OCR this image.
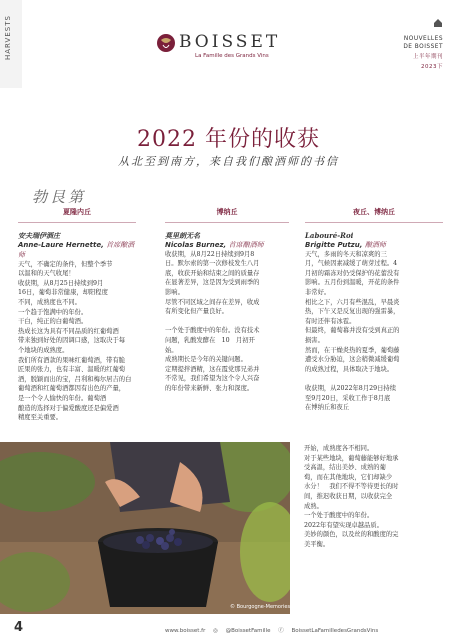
HARVESTS	BOISSET
La Famille des Grands Vins
NOUVELLES
DE BOISSET
上半年期刊
2023下
2022 年份的收获
从北至到南方，来自我们酿酒师的书信
勃艮第
夏隆内丘
安夫瑞伊酒庄
Anne-Laure Hernette, 首席酿酒师

天气，不确定的条件，但整个季节
以温和的天气收尾！
收获期，从8月25日持续到9月
16日，葡萄非常健康，却阳程度
不同，成熟度也不同。
一个趋于饱满中的年份。
干白，纯正的白葡萄酒。
热成长这为具有不同品质的红葡萄酒
带来独到好处的因调口感，这取决于每
个地块的成熟度。
我们所有酒款的果味红葡萄酒，带有脆
匠果的张力，也有丰富、温暖的红葡萄
酒，脱颖而出的宝，吕利和梅尔居吉的白
葡萄酒和红葡萄酒都因有出色的产量，
是一个令人愉快的年份。葡萄酒
酿造的选择对于偏爱酸度还是偏爱酒
精度至关重要。

博纳丘
莫里朗无名
Nicolas Burnez, 首席酿酒师

收获期，从8月22日持续到9月8
日。默尔索的第一次修枝发生八月
底，收获开始和结束之间的质量存
在显著差异，这是因为受到雨季的
影响。
尽管不同区域之间存在差异，收成
有所变化但产量良好。

一个处于酸度中的年份。没有技术
问题，乳酸发酵在　10　月初开
始。
成熟期长是今年的关键问题。
定期提拌酒精，这在霞党那兄弟并
不常见，我们希望为这个令人兴奋
的年份带来新鲜、张力和深度。

夜丘、博纳丘
Labouré-Roi
Brigitte Putzu, 酿酒师

天气，多雨的冬天和凉爽的三
月，气候因素减缓了萌芽过程。4
月初的霜冻对仍受保护的花蕾没有
影响。五月份到温暖，开花的条件
非常好。
相比之下，六月有些混乱，早晨炎
热，下午又是反复出现的强雷暴，
有时还伴有冰雹。
但最终，葡萄幕并没有受到真正的
损害。
然而，在干燥炎热的夏季，葡萄藤
遭受水分胁迫，这会稍微减缓葡萄
的成熟过程，具体取决于地块。

收获期，从2022年8月29日持续
至9月20日，采收工作于8月底
在博纳丘和夜丘

© Bourgogne-Memories
开始，成熟度各不相同。
对于某些地块，葡萄藤能够好地承
受高温，结出美妙、成熟的葡
萄，而在其他地块，它们却缺少
水分！　我们不得不等待更长的时
间，推迟收获日期，以收获完全
成熟。
一个处于酸度中的年份。
2022年有望实现卓越品质。
美妙的颜色，以及丝的和酸度的完
美平衡。
4	www.boisset.fr ◎ @BoissetFamille ⓕ BoissetLaFamilledesGrandsVins
